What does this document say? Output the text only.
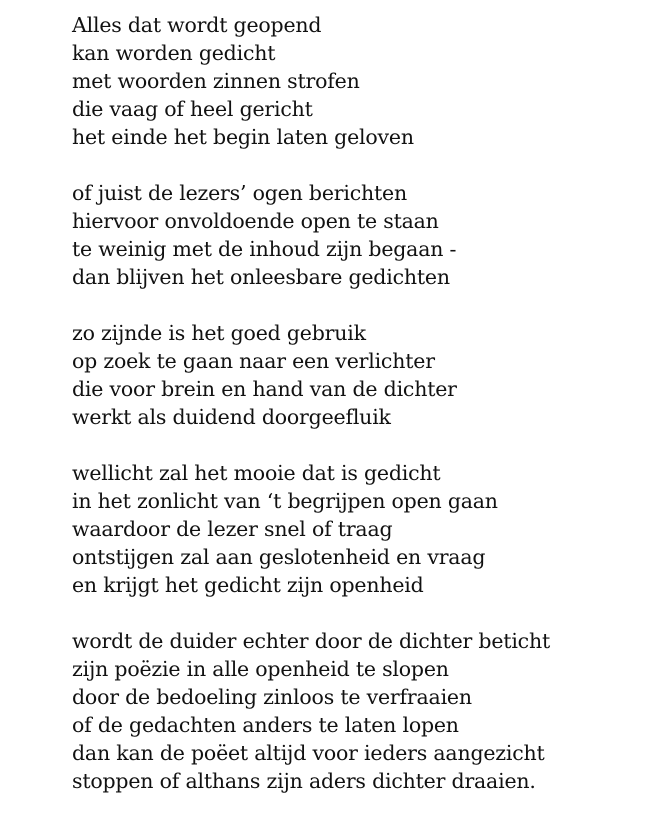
Alles dat wordt geopend
kan worden gedicht
met woorden zinnen strofen
die vaag of heel gericht
het einde het begin laten geloven
of juist de lezers’ ogen berichten
hiervoor onvoldoende open te staan
te weinig met de inhoud zijn begaan -
dan blijven het onleesbare gedichten
zo zijnde is het goed gebruik
op zoek te gaan naar een verlichter
die voor brein en hand van de dichter
werkt als duidend doorgeefluik
wellicht zal het mooie dat is gedicht
in het zonlicht van ‘t begrijpen open gaan
waardoor de lezer snel of traag
ontstijgen zal aan geslotenheid en vraag
en krijgt het gedicht zijn openheid
wordt de duider echter door de dichter beticht
zijn poëzie in alle openheid te slopen
door de bedoeling zinloos te verfraaien
of de gedachten anders te laten lopen
dan kan de poëet altijd voor ieders aangezicht
stoppen of althans zijn aders dichter draaien.
